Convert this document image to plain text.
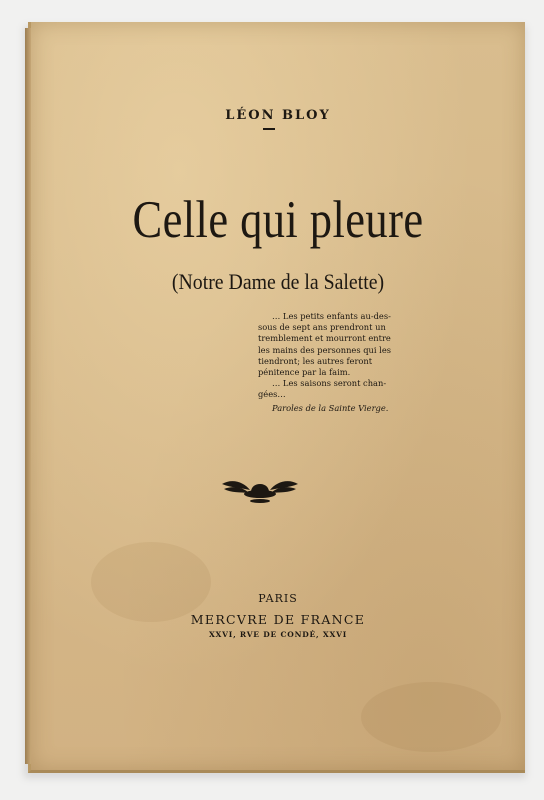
LÉON BLOY
Celle qui pleure
(Notre Dame de la Salette)
… Les petits enfants au-des-
sous de sept ans prendront un
tremblement et mourront entre
les mains des personnes qui les
tiendront; les autres feront
pénitence par la faim.
… Les saisons seront chan-
gées…
Paroles de la Sainte Vierge.
PARIS
MERCVRE DE FRANCE
XXVI, RVE DE CONDÉ, XXVI
